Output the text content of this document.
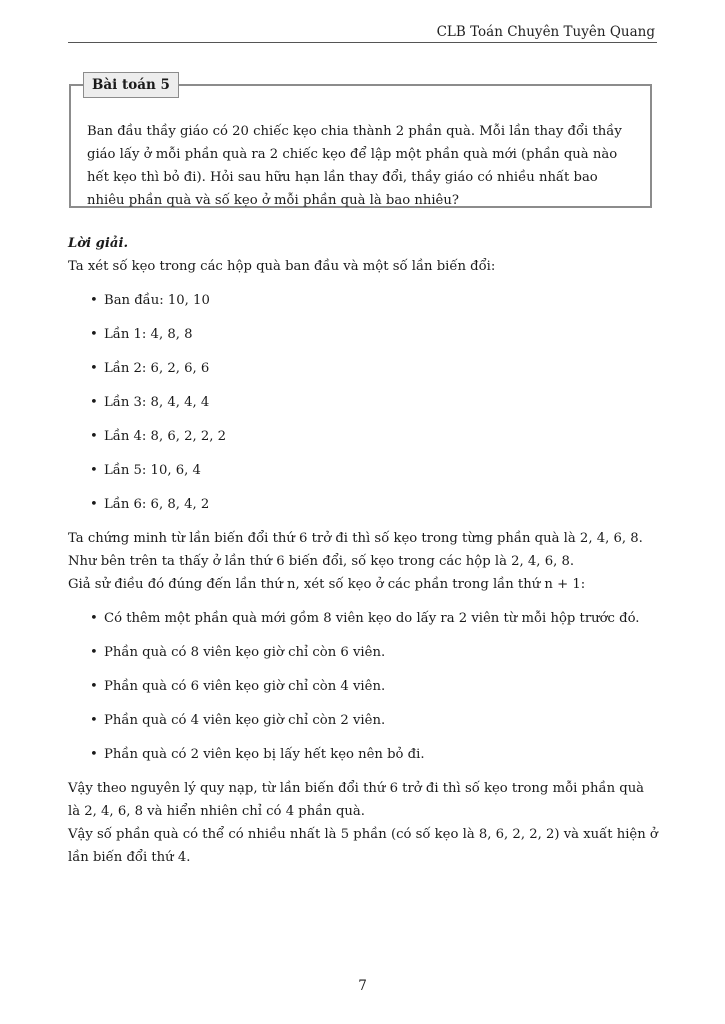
CLB Toán Chuyên Tuyên Quang
Bài toán 5
Ban đầu thầy giáo có 20 chiếc kẹo chia thành 2 phần quà. Mỗi lần thay đổi thầy giáo lấy ở mỗi phần quà ra 2 chiếc kẹo để lập một phần quà mới (phần quà nào hết kẹo thì bỏ đi). Hỏi sau hữu hạn lần thay đổi, thầy giáo có nhiều nhất bao nhiêu phần quà và số kẹo ở mỗi phần quà là bao nhiêu?

Lời giải.

Ta xét số kẹo trong các hộp quà ban đầu và một số lần biến đổi:

• Ban đầu: 10, 10
• Lần 1: 4, 8, 8
• Lần 2: 6, 2, 6, 6
• Lần 3: 8, 4, 4, 4
• Lần 4: 8, 6, 2, 2, 2
• Lần 5: 10, 6, 4
• Lần 6: 6, 8, 4, 2

Ta chứng minh từ lần biến đổi thứ 6 trở đi thì số kẹo trong từng phần quà là 2, 4, 6, 8.

Như bên trên ta thấy ở lần thứ 6 biến đổi, số kẹo trong các hộp là 2, 4, 6, 8.

Giả sử điều đó đúng đến lần thứ n, xét số kẹo ở các phần trong lần thứ n + 1:

• Có thêm một phần quà mới gồm 8 viên kẹo do lấy ra 2 viên từ mỗi hộp trước đó.
• Phần quà có 8 viên kẹo giờ chỉ còn 6 viên.
• Phần quà có 6 viên kẹo giờ chỉ còn 4 viên.
• Phần quà có 4 viên kẹo giờ chỉ còn 2 viên.
• Phần quà có 2 viên kẹo bị lấy hết kẹo nên bỏ đi.

Vậy theo nguyên lý quy nạp, từ lần biến đổi thứ 6 trở đi thì số kẹo trong mỗi phần quà là 2, 4, 6, 8 và hiển nhiên chỉ có 4 phần quà.

Vậy số phần quà có thể có nhiều nhất là 5 phần (có số kẹo là 8, 6, 2, 2, 2) và xuất hiện ở lần biến đổi thứ 4.

7
